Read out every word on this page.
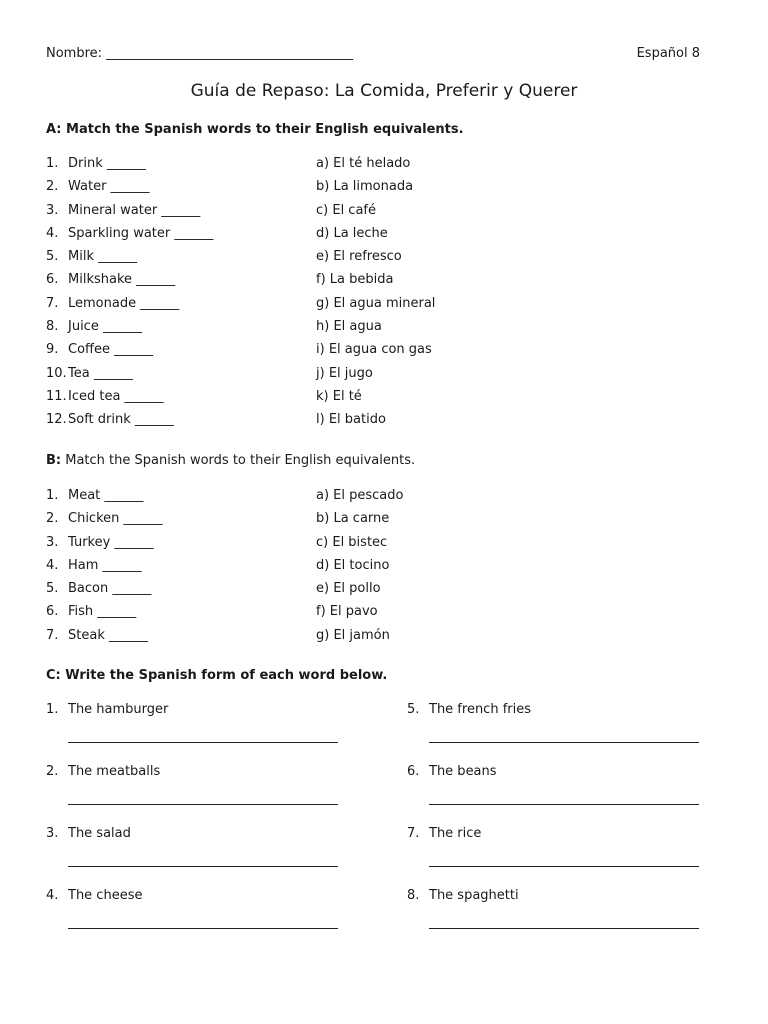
Nombre: ______________________________________	Español 8
Guía de Repaso: La Comida, Preferir y Querer
A: Match the Spanish words to their English equivalents.
1. Drink ______	a) El té helado
2. Water ______	b) La limonada
3. Mineral water ______	c) El café
4. Sparkling water ______	d) La leche
5. Milk ______	e) El refresco
6. Milkshake ______	f) La bebida
7. Lemonade ______	g) El agua mineral
8. Juice ______	h) El agua
9. Coffee ______	i) El agua con gas
10. Tea ______	j) El jugo
11. Iced tea ______	k) El té
12. Soft drink ______	l) El batido
B: Match the Spanish words to their English equivalents.
1. Meat ______	a) El pescado
2. Chicken ______	b) La carne
3. Turkey ______	c) El bistec
4. Ham ______	d) El tocino
5. Bacon ______	e) El pollo
6. Fish ______	f) El pavo
7. Steak ______	g) El jamón
C: Write the Spanish form of each word below.
1. The hamburger
2. The meatballs
3. The salad
4. The cheese
5. The french fries
6. The beans
7. The rice
8. The spaghetti
